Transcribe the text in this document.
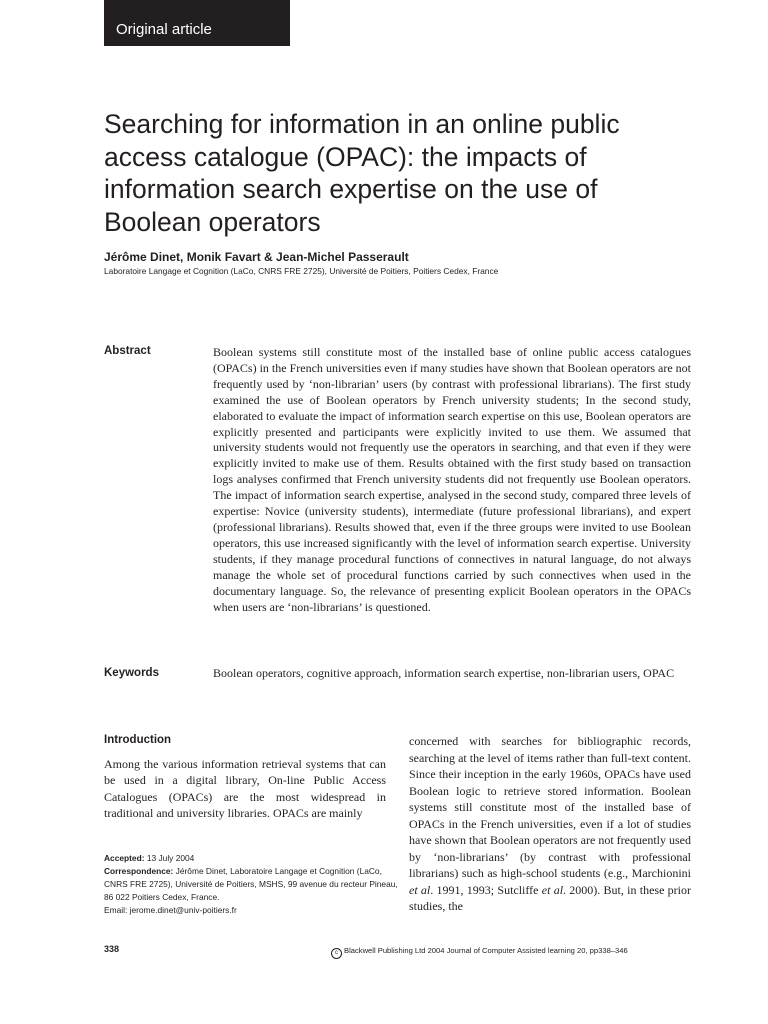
Original article
Searching for information in an online public access catalogue (OPAC): the impacts of information search expertise on the use of Boolean operators
Jérôme Dinet, Monik Favart & Jean-Michel Passerault
Laboratoire Langage et Cognition (LaCo, CNRS FRE 2725), Université de Poitiers, Poitiers Cedex, France
Abstract	Boolean systems still constitute most of the installed base of online public access catalogues (OPACs) in the French universities even if many studies have shown that Boolean operators are not frequently used by ‘non-librarian’ users (by contrast with professional librarians). The first study examined the use of Boolean operators by French university students; In the second study, elaborated to evaluate the impact of information search expertise on this use, Boolean operators are explicitly presented and participants were explicitly invited to use them. We assumed that university students would not frequently use the operators in searching, and that even if they were explicitly invited to make use of them. Results obtained with the first study based on transaction logs analyses confirmed that French university students did not frequently use Boolean operators. The impact of information search expertise, analysed in the second study, compared three levels of expertise: Novice (university students), intermediate (future professional librarians), and expert (professional librarians). Results showed that, even if the three groups were invited to use Boolean operators, this use increased significantly with the level of information search expertise. University students, if they manage procedural functions of connectives in natural language, do not always manage the whole set of procedural functions carried by such connectives when used in the documentary language. So, the relevance of presenting explicit Boolean operators in the OPACs when users are ‘non-librarians’ is questioned.

Keywords	Boolean operators, cognitive approach, information search expertise, non-librarian users, OPAC

Introduction

Among the various information retrieval systems that can be used in a digital library, On-line Public Access Catalogues (OPACs) are the most widespread in traditional and university libraries. OPACs are mainly

concerned with searches for bibliographic records, searching at the level of items rather than full-text content. Since their inception in the early 1960s, OPACs have used Boolean logic to retrieve stored information. Boolean systems still constitute most of the installed base of OPACs in the French universities, even if a lot of studies have shown that Boolean operators are not frequently used by ‘non-librarians’ (by contrast with professional librarians) such as high-school students (e.g., Marchionini et al. 1991, 1993; Sutcliffe et al. 2000). But, in these prior studies, the

Accepted: 13 July 2004
Correspondence: Jérôme Dinet, Laboratoire Langage et Cognition (LaCo, CNRS FRE 2725), Université de Poitiers, MSHS, 99 avenue du recteur Pineau, 86 022 Poitiers Cedex, France.
Email: jerome.dinet@univ-poitiers.fr
338	c Blackwell Publishing Ltd 2004 Journal of Computer Assisted learning 20, pp338–346
